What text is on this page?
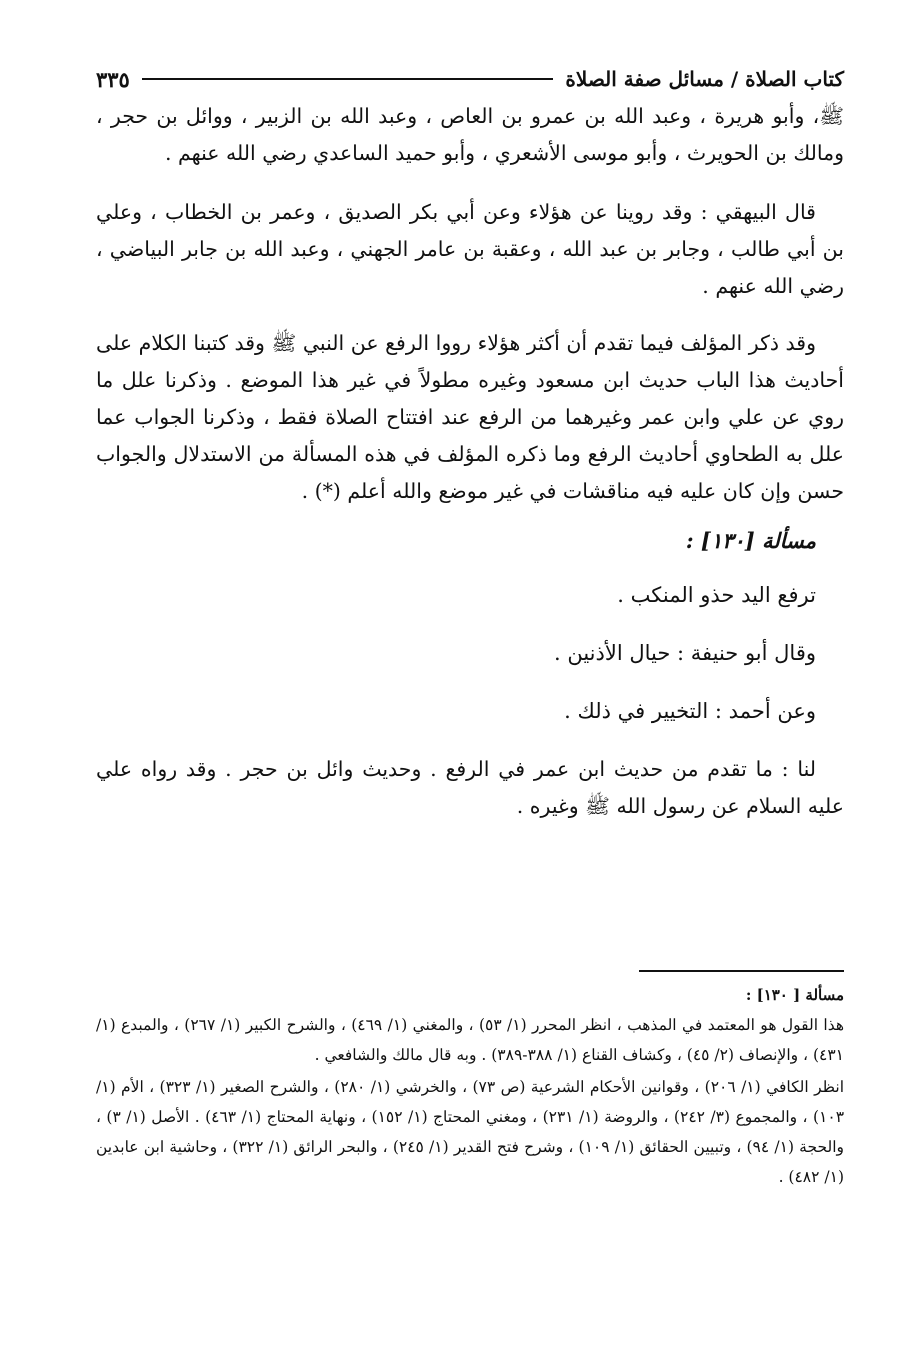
كتاب الصلاة / مسائل صفة الصلاة
٣٣٥

ﷺ، وأبو هريرة ، وعبد الله بن عمرو بن العاص ، وعبد الله بن الزبير ، ووائل بن حجر ، ومالك بن الحويرث ، وأبو موسى الأشعري ، وأبو حميد الساعدي رضي الله عنهم .

قال البيهقي : وقد روينا عن هؤلاء وعن أبي بكر الصديق ، وعمر بن الخطاب ، وعلي بن أبي طالب ، وجابر بن عبد الله ، وعقبة بن عامر الجهني ، وعبد الله بن جابر البياضي ، رضي الله عنهم .

وقد ذكر المؤلف فيما تقدم أن أكثر هؤلاء رووا الرفع عن النبي ﷺ وقد كتبنا الكلام على أحاديث هذا الباب حديث ابن مسعود وغيره مطولاً في غير هذا الموضع . وذكرنا علل ما روي عن علي وابن عمر وغيرهما من الرفع عند افتتاح الصلاة فقط ، وذكرنا الجواب عما علل به الطحاوي أحاديث الرفع وما ذكره المؤلف في هذه المسألة من الاستدلال والجواب حسن وإن كان عليه فيه مناقشات في غير موضع والله أعلم (*) .

مسألة [١٣٠] :

ترفع اليد حذو المنكب .

وقال أبو حنيفة : حيال الأذنين .

وعن أحمد : التخيير في ذلك .

لنا : ما تقدم من حديث ابن عمر في الرفع . وحديث وائل بن حجر . وقد رواه علي عليه السلام عن رسول الله ﷺ وغيره .

مسألة [ ١٣٠] :

هذا القول هو المعتمد في المذهب ، انظر المحرر (١/ ٥٣) ، والمغني (١/ ٤٦٩) ، والشرح الكبير (١/ ٢٦٧) ، والمبدع (١/ ٤٣١) ، والإنصاف (٢/ ٤٥) ، وكشاف القناع (١/ ٣٨٨-٣٨٩) . وبه قال مالك والشافعي .

انظر الكافي (١/ ٢٠٦) ، وقوانين الأحكام الشرعية (ص ٧٣) ، والخرشي (١/ ٢٨٠) ، والشرح الصغير (١/ ٣٢٣) ، الأم (١/ ١٠٣) ، والمجموع (٣/ ٢٤٢) ، والروضة (١/ ٢٣١) ، ومغني المحتاج (١/ ١٥٢) ، ونهاية المحتاج (١/ ٤٦٣) . الأصل (١/ ٣) ، والحجة (١/ ٩٤) ، وتبيين الحقائق (١/ ١٠٩) ، وشرح فتح القدير (١/ ٢٤٥) ، والبحر الرائق (١/ ٣٢٢) ، وحاشية ابن عابدين (١/ ٤٨٢) .
